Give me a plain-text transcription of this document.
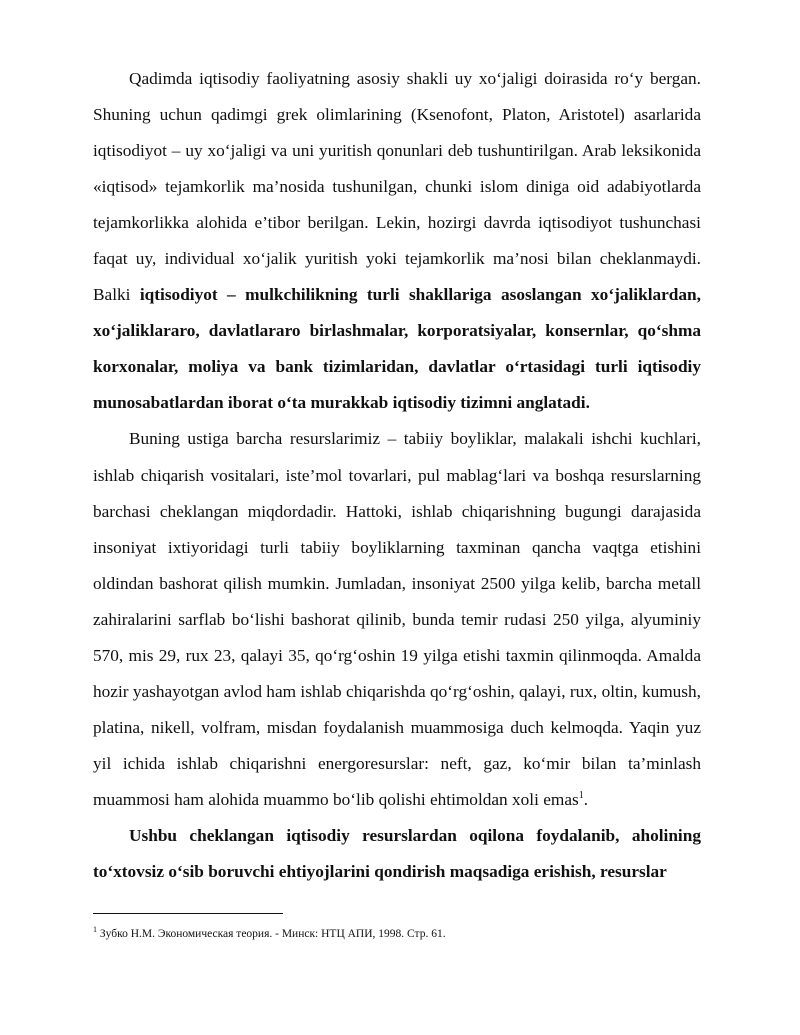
Qadimda iqtisodiy faoliyatning asosiy shakli uy xo‘jaligi doirasida ro‘y bergan. Shuning uchun qadimgi grek olimlarining (Ksenofont, Platon, Aristotel) asarlarida iqtisodiyot – uy xo‘jaligi va uni yuritish qonunlari deb tushuntirilgan. Arab leksikonida «iqtisod» tejamkorlik ma’nosida tushunilgan, chunki islom diniga oid adabiyotlarda tejamkorlikka alohida e’tibor berilgan. Lekin, hozirgi davrda iqtisodiyot tushunchasi faqat uy, individual xo‘jalik yuritish yoki tejamkorlik ma’nosi bilan cheklanmaydi. Balki iqtisodiyot – mulkchilikning turli shakllariga asoslangan xo‘jaliklardan, xo‘jaliklararo, davlatlararo birlashmalar, korporatsiyalar, konsernlar, qo‘shma korxonalar, moliya va bank tizimlaridan, davlatlar o‘rtasidagi turli iqtisodiy munosabatlardan iborat o‘ta murakkab iqtisodiy tizimni anglatadi.

Buning ustiga barcha resurslarimiz – tabiiy boyliklar, malakali ishchi kuchlari, ishlab chiqarish vositalari, iste’mol tovarlari, pul mablag‘lari va boshqa resurslarning barchasi cheklangan miqdordadir. Hattoki, ishlab chiqarishning bugungi darajasida insoniyat ixtiyoridagi turli tabiiy boyliklarning taxminan qancha vaqtga etishini oldindan bashorat qilish mumkin. Jumladan, insoniyat 2500 yilga kelib, barcha metall zahiralarini sarflab bo‘lishi bashorat qilinib, bunda temir rudasi 250 yilga, alyuminiy 570, mis 29, rux 23, qalayi 35, qo‘rg‘oshin 19 yilga etishi taxmin qilinmoqda. Amalda hozir yashayotgan avlod ham ishlab chiqarishda qo‘rg‘oshin, qalayi, rux, oltin, kumush, platina, nikell, volfram, misdan foydalanish muammosiga duch kelmoqda. Yaqin yuz yil ichida ishlab chiqarishni energoresurslar: neft, gaz, ko‘mir bilan ta’minlash muammosi ham alohida muammo bo‘lib qolishi ehtimoldan xoli emas$^1$.

Ushbu cheklangan iqtisodiy resurslardan oqilona foydalanib, aholining to‘xtovsiz o‘sib boruvchi ehtiyojlarini qondirish maqsadiga erishish, resurslar

$^1$ Зубко Н.М. Экономическая теория. - Минск: НТЦ АПИ, 1998. Стр. 61.
